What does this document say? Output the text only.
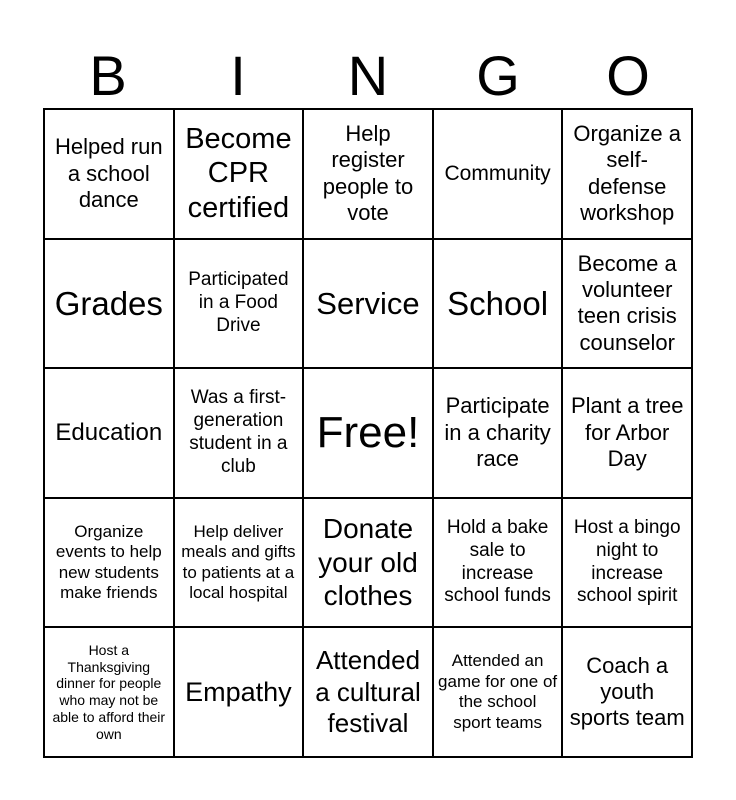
B	I	N	G	O
Helped run a school dance
Become CPR certified
Help register people to vote
Community
Organize a self-defense workshop
Grades
Participated in a Food Drive
Service School
Become a volunteer teen crisis counselor
Education
Was a first-generation student in a club
Free!
Participate in a charity race
Plant a tree for Arbor Day
Organize events to help new students make friends
Help deliver meals and gifts to patients at a local hospital
Donate your old clothes
Hold a bake sale to increase school funds
Host a bingo night to increase school spirit
Host a Thanksgiving dinner for people who may not be able to afford their own
Empathy
Attended a cultural festival
Attended an game for one of the school sport teams
Coach a youth sports team
